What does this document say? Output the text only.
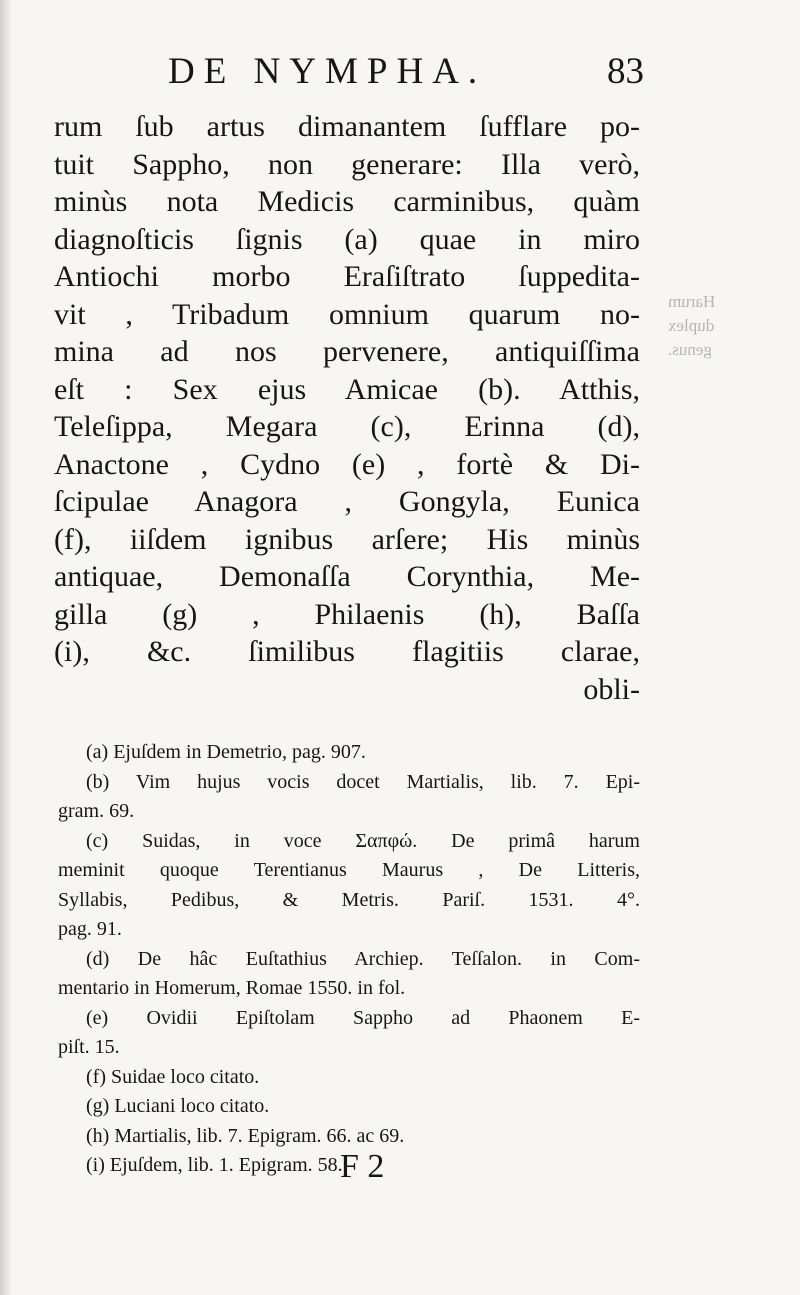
Harum
duplex
genus.
DE NYMPHA.	83
rum ſub artus dimanantem ſufflare po-
tuit Sappho, non generare: Illa verò,
minùs nota Medicis carminibus, quàm
diagnoſticis ſignis (a) quae in miro
Antiochi morbo Eraſiſtrato ſuppedita-
vit , Tribadum omnium quarum no-
mina ad nos pervenere, antiquiſſima
eſt : Sex ejus Amicae (b). Atthis,
Teleſippa, Megara (c), Erinna (d),
Anactone , Cydno (e) , fortè & Di-
ſcipulae Anagora , Gongyla, Eunica
(f), iiſdem ignibus arſere; His minùs
antiquae, Demonaſſa Corynthia, Me-
gilla (g) , Philaenis (h), Baſſa
(i), &c. ſimilibus flagitiis clarae,
obli-
(a) Ejuſdem in Demetrio, pag. 907.
(b) Vim hujus vocis docet Martialis, lib. 7. Epi-
gram. 69.
(c) Suidas, in voce Σαπφώ. De primâ harum
meminit quoque Terentianus Maurus , De Litteris,
Syllabis, Pedibus, & Metris. Pariſ. 1531. 4°.
pag. 91.
(d) De hâc Euſtathius Archiep. Teſſalon. in Com-
mentario in Homerum, Romae 1550. in fol.
(e) Ovidii Epiſtolam Sappho ad Phaonem E-
piſt. 15.
(f) Suidae loco citato.
(g) Luciani loco citato.
(h) Martialis, lib. 7. Epigram. 66. ac 69.
(i) Ejuſdem, lib. 1. Epigram. 58.
F 2
